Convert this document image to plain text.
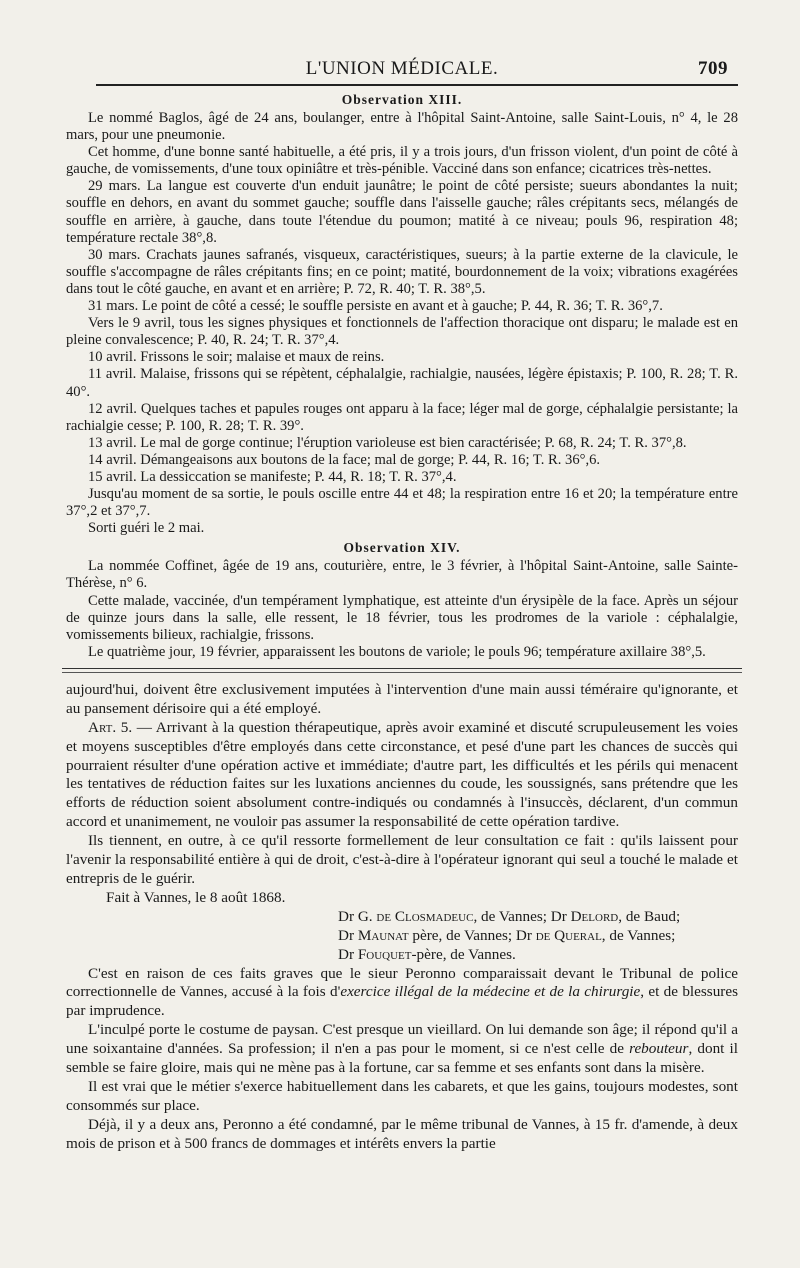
L'UNION MÉDICALE.	709
Observation XIII.

Le nommé Baglos, âgé de 24 ans, boulanger, entre à l'hôpital Saint-Antoine, salle Saint-Louis, n° 4, le 28 mars, pour une pneumonie.

Cet homme, d'une bonne santé habituelle, a été pris, il y a trois jours, d'un frisson violent, d'un point de côté à gauche, de vomissements, d'une toux opiniâtre et très-pénible. Vacciné dans son enfance; cicatrices très-nettes.

29 mars. La langue est couverte d'un enduit jaunâtre; le point de côté persiste; sueurs abondantes la nuit; souffle en dehors, en avant du sommet gauche; souffle dans l'aisselle gauche; râles crépitants secs, mélangés de souffle en arrière, à gauche, dans toute l'étendue du poumon; matité à ce niveau; pouls 96, respiration 48; température rectale 38°,8.

30 mars. Crachats jaunes safranés, visqueux, caractéristiques, sueurs; à la partie externe de la clavicule, le souffle s'accompagne de râles crépitants fins; en ce point; matité, bourdonnement de la voix; vibrations exagérées dans tout le côté gauche, en avant et en arrière; P. 72, R. 40; T. R. 38°,5.

31 mars. Le point de côté a cessé; le souffle persiste en avant et à gauche; P. 44, R. 36; T. R. 36°,7.

Vers le 9 avril, tous les signes physiques et fonctionnels de l'affection thoracique ont disparu; le malade est en pleine convalescence; P. 40, R. 24; T. R. 37°,4.

10 avril. Frissons le soir; malaise et maux de reins.

11 avril. Malaise, frissons qui se répètent, céphalalgie, rachialgie, nausées, légère épistaxis; P. 100, R. 28; T. R. 40°.

12 avril. Quelques taches et papules rouges ont apparu à la face; léger mal de gorge, céphalalgie persistante; la rachialgie cesse; P. 100, R. 28; T. R. 39°.

13 avril. Le mal de gorge continue; l'éruption varioleuse est bien caractérisée; P. 68, R. 24; T. R. 37°,8.

14 avril. Démangeaisons aux boutons de la face; mal de gorge; P. 44, R. 16; T. R. 36°,6.

15 avril. La dessiccation se manifeste; P. 44, R. 18; T. R. 37°,4.

Jusqu'au moment de sa sortie, le pouls oscille entre 44 et 48; la respiration entre 16 et 20; la température entre 37°,2 et 37°,7.

Sorti guéri le 2 mai.

Observation XIV.

La nommée Coffinet, âgée de 19 ans, couturière, entre, le 3 février, à l'hôpital Saint-Antoine, salle Sainte-Thérèse, n° 6.

Cette malade, vaccinée, d'un tempérament lymphatique, est atteinte d'un érysipèle de la face. Après un séjour de quinze jours dans la salle, elle ressent, le 18 février, tous les prodromes de la variole : céphalalgie, vomissements bilieux, rachialgie, frissons.

Le quatrième jour, 19 février, apparaissent les boutons de variole; le pouls 96; température axillaire 38°,5.

aujourd'hui, doivent être exclusivement imputées à l'intervention d'une main aussi téméraire qu'ignorante, et au pansement dérisoire qui a été employé.

Art. 5. — Arrivant à la question thérapeutique, après avoir examiné et discuté scrupuleusement les voies et moyens susceptibles d'être employés dans cette circonstance, et pesé d'une part les chances de succès qui pourraient résulter d'une opération active et immédiate; d'autre part, les difficultés et les périls qui menacent les tentatives de réduction faites sur les luxations anciennes du coude, les soussignés, sans prétendre que les efforts de réduction soient absolument contre-indiqués ou condamnés à l'insuccès, déclarent, d'un commun accord et unanimement, ne vouloir pas assumer la responsabilité de cette opération tardive.

Ils tiennent, en outre, à ce qu'il ressorte formellement de leur consultation ce fait : qu'ils laissent pour l'avenir la responsabilité entière à qui de droit, c'est-à-dire à l'opérateur ignorant qui seul a touché le malade et entrepris de le guérir.

Fait à Vannes, le 8 août 1868.

Dr G. de Closmadeuc, de Vannes; Dr Delord, de Baud;
Dr Maunat père, de Vannes; Dr de Queral, de Vannes;
Dr Fouquet-père, de Vannes.

C'est en raison de ces faits graves que le sieur Peronno comparaissait devant le Tribunal de police correctionnelle de Vannes, accusé à la fois d'exercice illégal de la médecine et de la chirurgie, et de blessures par imprudence.

L'inculpé porte le costume de paysan. C'est presque un vieillard. On lui demande son âge; il répond qu'il a une soixantaine d'années. Sa profession; il n'en a pas pour le moment, si ce n'est celle de rebouteur, dont il semble se faire gloire, mais qui ne mène pas à la fortune, car sa femme et ses enfants sont dans la misère.

Il est vrai que le métier s'exerce habituellement dans les cabarets, et que les gains, toujours modestes, sont consommés sur place.

Déjà, il y a deux ans, Peronno a été condamné, par le même tribunal de Vannes, à 15 fr. d'amende, à deux mois de prison et à 500 francs de dommages et intérêts envers la partie
